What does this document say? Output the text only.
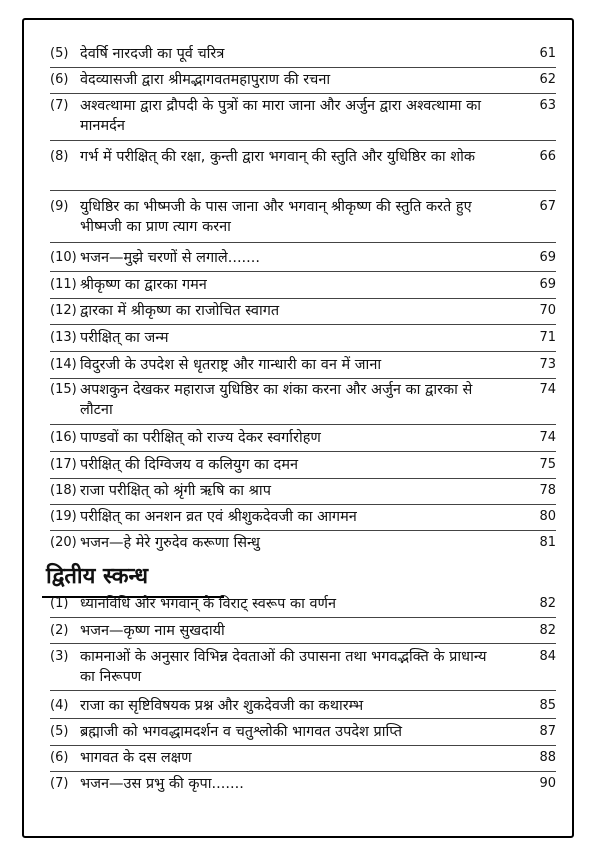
(5) देवर्षि नारदजी का पूर्व चरित्र	61
(6) वेदव्यासजी द्वारा श्रीमद्भागवतमहापुराण की रचना	62
(7) अश्वत्थामा द्वारा द्रौपदी के पुत्रों का मारा जाना और अर्जुन द्वारा अश्वत्थामा का मानमर्दन
63
(8) गर्भ में परीक्षित् की रक्षा, कुन्ती द्वारा भगवान् की स्तुति और युधिष्ठिर का शोक	66
(9) युधिष्ठिर का भीष्मजी के पास जाना और भगवान् श्रीकृष्ण की स्तुति करते हुए भीष्मजी का प्राण त्याग करना
67
(10) भजन—मुझे चरणों से लगाले.......	69
(11) श्रीकृष्ण का द्वारका गमन	69
(12) द्वारका में श्रीकृष्ण का राजोचित स्वागत	70
(13) परीक्षित् का जन्म	71
(14) विदुरजी के उपदेश से धृतराष्ट्र और गान्धारी का वन में जाना	73
(15) अपशकुन देखकर महाराज युधिष्ठिर का शंका करना और अर्जुन का द्वारका से लौटना
74
(16) पाण्डवों का परीक्षित् को राज्य देकर स्वर्गारोहण	74
(17) परीक्षित् की दिग्विजय व कलियुग का दमन	75
(18) राजा परीक्षित् को श्रृंगी ऋषि का श्राप	78
(19) परीक्षित् का अनशन व्रत एवं श्रीशुकदेवजी का आगमन	80
(20) भजन—हे मेरे गुरुदेव करूणा सिन्धु	81
द्वितीय स्कन्ध
(1) ध्यानविधि और भगवान् के विराट् स्वरूप का वर्णन	82
(2) भजन—कृष्ण नाम सुखदायी	82
(3) कामनाओं के अनुसार विभिन्न देवताओं की उपासना तथा भगवद्भक्ति के प्राधान्य का निरूपण
84
(4) राजा का सृष्टिविषयक प्रश्न और शुकदेवजी का कथारम्भ	85
(5) ब्रह्माजी को भगवद्धामदर्शन व चतुश्लोकी भागवत उपदेश प्राप्ति	87
(6) भागवत के दस लक्षण	88
(7) भजन—उस प्रभु की कृपा.......	90
